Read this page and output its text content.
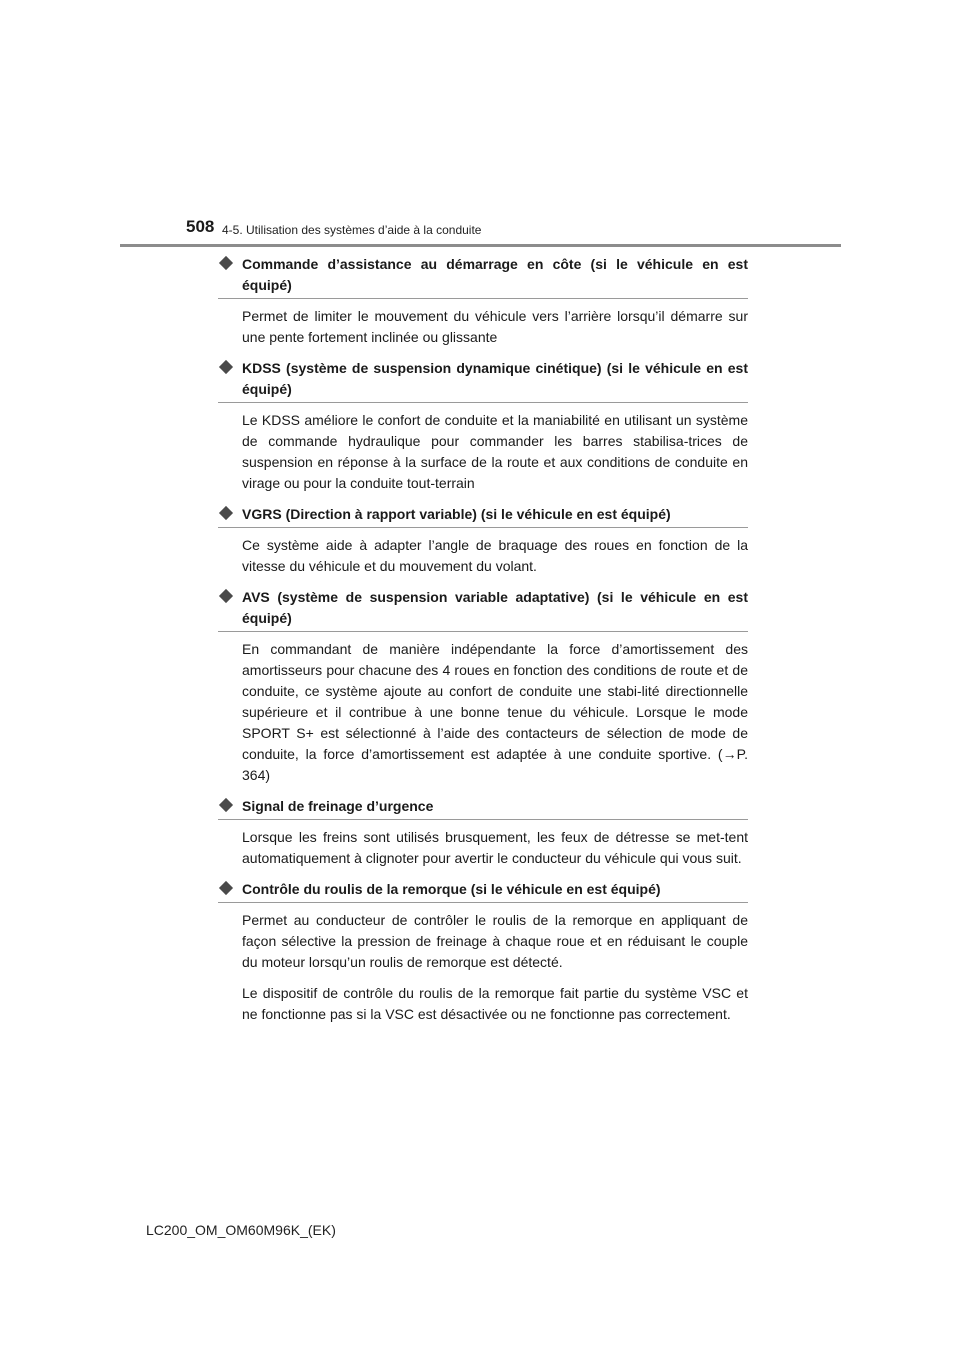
508 4-5. Utilisation des systèmes d’aide à la conduite
Commande d’assistance au démarrage en côte (si le véhicule en est équipé)

Permet de limiter le mouvement du véhicule vers l’arrière lorsqu’il démarre sur une pente fortement inclinée ou glissante

KDSS (système de suspension dynamique cinétique) (si le véhicule en est équipé)

Le KDSS améliore le confort de conduite et la maniabilité en utilisant un système de commande hydraulique pour commander les barres stabilisa-trices de suspension en réponse à la surface de la route et aux conditions de conduite en virage ou pour la conduite tout-terrain

VGRS (Direction à rapport variable) (si le véhicule en est équipé)

Ce système aide à adapter l’angle de braquage des roues en fonction de la vitesse du véhicule et du mouvement du volant.

AVS (système de suspension variable adaptative) (si le véhicule en est équipé)

En commandant de manière indépendante la force d’amortissement des amortisseurs pour chacune des 4 roues en fonction des conditions de route et de conduite, ce système ajoute au confort de conduite une stabi-lité directionnelle supérieure et il contribue à une bonne tenue du véhicule. Lorsque le mode SPORT S+ est sélectionné à l’aide des contacteurs de sélection de mode de conduite, la force d’amortissement est adaptée à une conduite sportive. (→P. 364)

Signal de freinage d’urgence

Lorsque les freins sont utilisés brusquement, les feux de détresse se met-tent automatiquement à clignoter pour avertir le conducteur du véhicule qui vous suit.

Contrôle du roulis de la remorque (si le véhicule en est équipé)

Permet au conducteur de contrôler le roulis de la remorque en appliquant de façon sélective la pression de freinage à chaque roue et en réduisant le couple du moteur lorsqu’un roulis de remorque est détecté.

Le dispositif de contrôle du roulis de la remorque fait partie du système VSC et ne fonctionne pas si la VSC est désactivée ou ne fonctionne pas correctement.

LC200_OM_OM60M96K_(EK)
